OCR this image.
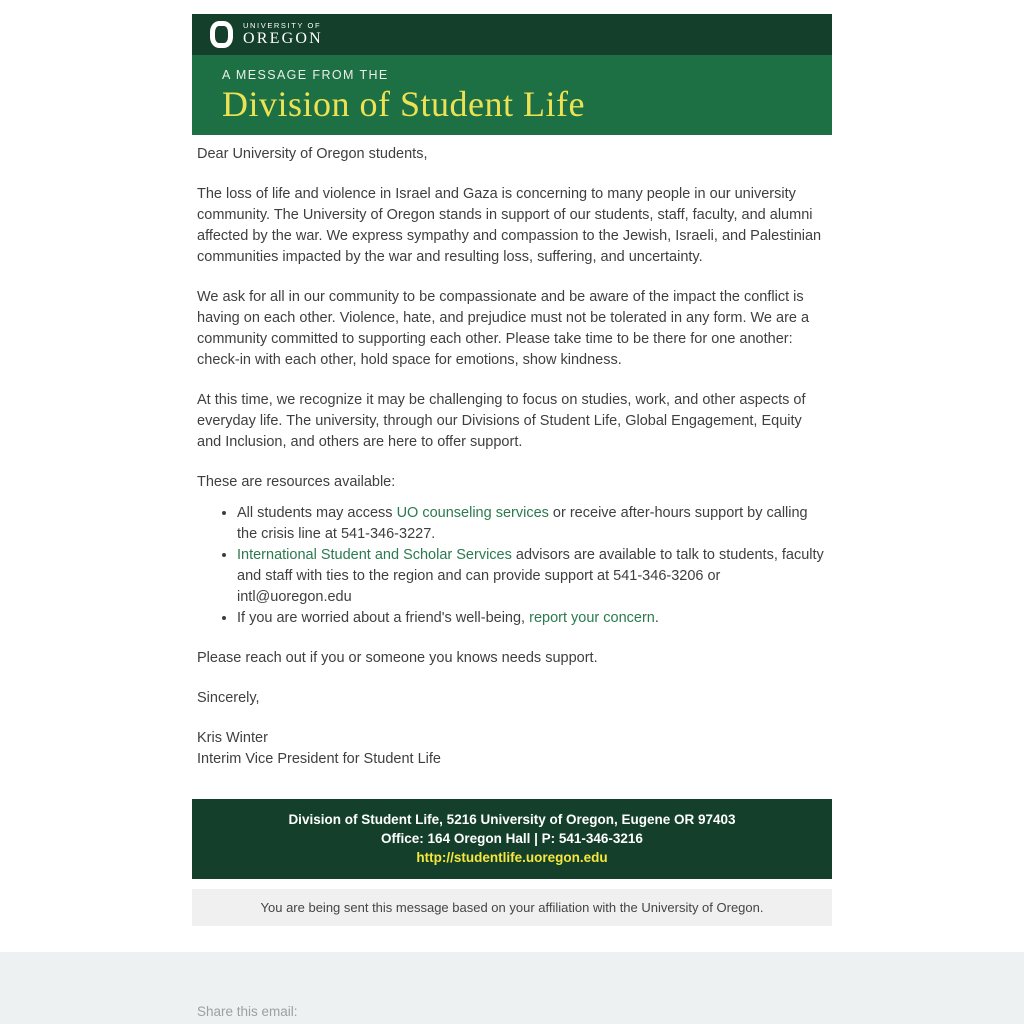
UNIVERSITY OF
OREGON
A MESSAGE FROM THE
Division of Student Life

Dear University of Oregon students,

The loss of life and violence in Israel and Gaza is concerning to many people in our university community. The University of Oregon stands in support of our students, staff, faculty, and alumni affected by the war. We express sympathy and compassion to the Jewish, Israeli, and Palestinian communities impacted by the war and resulting loss, suffering, and uncertainty.

We ask for all in our community to be compassionate and be aware of the impact the conflict is having on each other. Violence, hate, and prejudice must not be tolerated in any form. We are a community committed to supporting each other. Please take time to be there for one another: check-in with each other, hold space for emotions, show kindness.

At this time, we recognize it may be challenging to focus on studies, work, and other aspects of everyday life. The university, through our Divisions of Student Life, Global Engagement, Equity and Inclusion, and others are here to offer support.

These are resources available:

• All students may access UO counseling services or receive after-hours support by calling the crisis line at 541-346-3227.
• International Student and Scholar Services advisors are available to talk to students, faculty and staff with ties to the region and can provide support at 541-346-3206 or intl@uoregon.edu
• If you are worried about a friend's well-being, report your concern.

Please reach out if you or someone you knows needs support.

Sincerely,

Kris Winter
Interim Vice President for Student Life
Division of Student Life, 5216 University of Oregon, Eugene OR 97403
Office: 164 Oregon Hall | P: 541-346-3216
http://studentlife.uoregon.edu
You are being sent this message based on your affiliation with the University of Oregon.
Share this email:
